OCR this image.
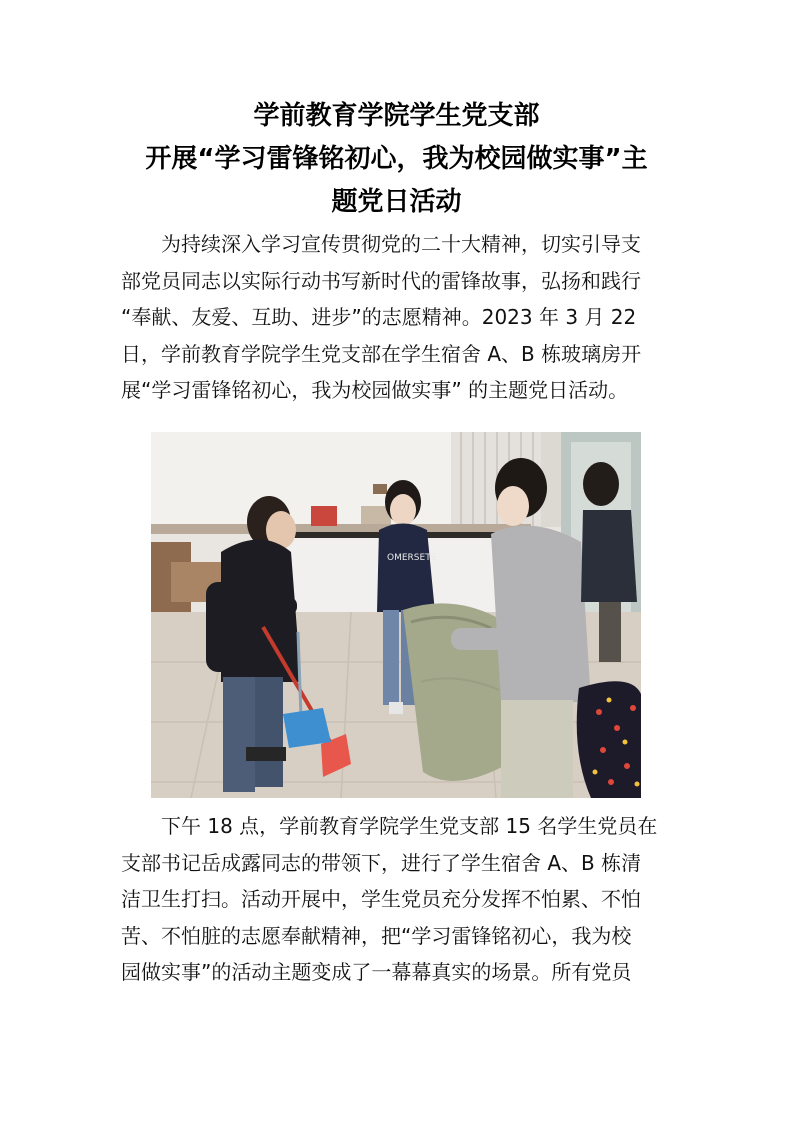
学前教育学院学生党支部
开展“学习雷锋铭初心，我为校园做实事”主
题党日活动
　　为持续深入学习宣传贯彻党的二十大精神，切实引导支
部党员同志以实际行动书写新时代的雷锋故事，弘扬和践行
“奉献、友爱、互助、进步”的志愿精神。2023 年 3 月 22
日，学前教育学院学生党支部在学生宿舍 A、B 栋玻璃房开
展“学习雷锋铭初心，我为校园做实事” 的主题党日活动。
OMERSETS
　　下午 18 点，学前教育学院学生党支部 15 名学生党员在
支部书记岳成露同志的带领下，进行了学生宿舍 A、B 栋清
洁卫生打扫。活动开展中，学生党员充分发挥不怕累、不怕
苦、不怕脏的志愿奉献精神，把“学习雷锋铭初心，我为校
园做实事”的活动主题变成了一幕幕真实的场景。所有党员
